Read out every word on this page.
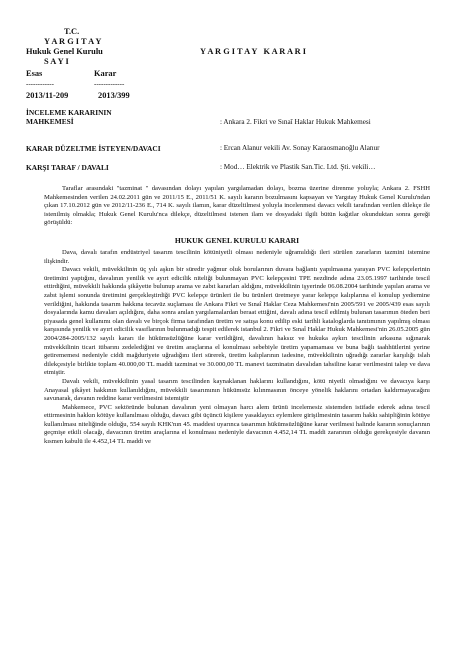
T.C.
Y A R G I T A Y
Hukuk Genel Kurulu	Y A R G I T A Y   K A R A R I
S A Y I
Esas	Karar
------------	-------------
2013/11-209	2013/399
İNCELEME KARARININ
MAHKEMESİ	: Ankara 2. Fikri ve Sınaî Haklar Hukuk Mahkemesi
KARAR DÜZELTME İSTEYEN/DAVACI	: Ercan Alanur vekili Av. Sonay Karaosmanoğlu Alanur
KARŞI TARAF / DAVALI	: Mod… Elektrik ve Plastik San.Tic. Ltd. Şti. vekili…

Taraflar arasındaki "tazminat " davasından dolayı yapılan yargılamadan dolayı, bozma üzerine direnme yoluyla; Ankara 2. FSHH Mahkemesinden verilen 24.02.2011 gün ve 2011/15 E., 2011/51 K. sayılı kararın bozulmasını kapsayan ve Yargıtay Hukuk Genel Kurulu'ndan çıkan 17.10.2012 gün ve 2012/11-236 E., 714 K. sayılı ilamın, karar düzeltilmesi yoluyla incelenmesi davacı vekili tarafından verilen dilekçe ile istenilmiş olmakla; Hukuk Genel Kurulu'nca dilekçe, düzeltilmesi istenen ilam ve dosyadaki ilgili bütün kağıtlar okunduktan sonra gereği görüşüldü:

HUKUK GENEL KURULU KARARI

Dava, davalı tarafın endüstriyel tasarım tescilinin kötüniyetli olması nedeniyle uğramıldığı ileri sürülen zararların tazmini istemine ilişkindir.

Davacı vekili, müvekkilinin üç yılı aşkın bir süredir yağmur oluk borularının duvara bağlantı yapılmasına yarayan PVC kelepçelerinin üretimini yaptığını, davalının yenilik ve ayırt edicilik niteliği bulunmayan PVC kelepçesini TPE nezdinde adına 23.05.1997 tarihinde tescil ettirdiğini, müvekkili hakkında şikâyette bulunup arama ve zabıt kararları aldığını, müvekkilinin işyerinde 06.08.2004 tarihinde yapılan arama ve zabıt işlemi sonunda üretimini gerçekleştirdiği PVC kelepçe ürünleri ile bu ürünleri üretmeye yarar kelepçe kalıplarına el konulup yediemine verildiğini, hakkında tasarım hakkına tecavüz suçlaması ile Ankara Fikri ve Sınaî Haklar Ceza Mahkemesi'nin 2005/591 ve 2005/439 esas sayılı dosyalarında kamu davaları açıldığını, daha sonra anılan yargılamalardan beraat ettiğini, davalı adına tescil edilmiş bulunan tasarımın öteden beri piyasada genel kullanımı olan davalı ve birçok firma tarafından üretim ve satışa konu edilip eski tarihli kataloglarda tanıtımının yapılmış olması karşısında yenilik ve ayırt edicilik vasıflarının bulunmadığı tespit edilerek istanbul 2. Fikri ve Sınaî Haklar Hukuk Mahkemesi'nin 26.05.2005 gün 2004/284-2005/132 sayılı kararı ile hükümsüzlüğüne karar verildiğini, davalının haksız ve hukuka aykırı tescilinin arkasına sığınarak müvekkilinin ticari itibarını zedelediğini ve üretim araçlarına el konulması sebebiyle üretim yapamaması ve buna bağlı taahhütlerini yerine getirememesi nedeniyle ciddi mağduriyete uğradığını ileri sürerek, üretim kalıplarının iadesine, müvekkilinin uğradığı zararlar karşılığı islah dilekçesiyle birlikte toplam 40.000,00 TL maddi tazminat ve 30.000,00 TL manevi tazminatın davalıdan tahsiline karar verilmesini talep ve dava etmiştir.

Davalı vekili, müvekkilinin yasal tasarım tescilinden kaynaklanan haklarını kullandığını, kötü niyetli olmadığını ve davacıya karşı Anayasal şikâyet hakkının kullanıldığını, müvekkili tasarımının hükümsüz kılınmasının önceye yönelik haklarını ortadan kaldırmayacağını savunarak, davanın reddine karar verilmesini istemiştir

Mahkemece, PVC sektöründe bulunan davalının yeni olmayan harcı alem ürünü incelemesiz sistemden istifade ederek adına tescil ettirmesinin hakkın kötüye kullanılması olduğu, davacı gibi üçüncü kişilere yasaklayıcı eylemlere girişilmesinin tasarım hakkı sahipliğinin kötüye kullanılması niteliğinde olduğu, 554 sayılı KHK'nın 45. maddesi uyarınca tasarımın hükümsüzlüğüne karar verilmesi halinde kararın sonuçlarının geçmişe etkili olacağı, davacının üretim araçlarına el konulması nedeniyle davacının 4.452,14 TL maddi zararının olduğu gerekçesiyle davanın kısmen kabulü ile 4.452,14 TL maddi ve
